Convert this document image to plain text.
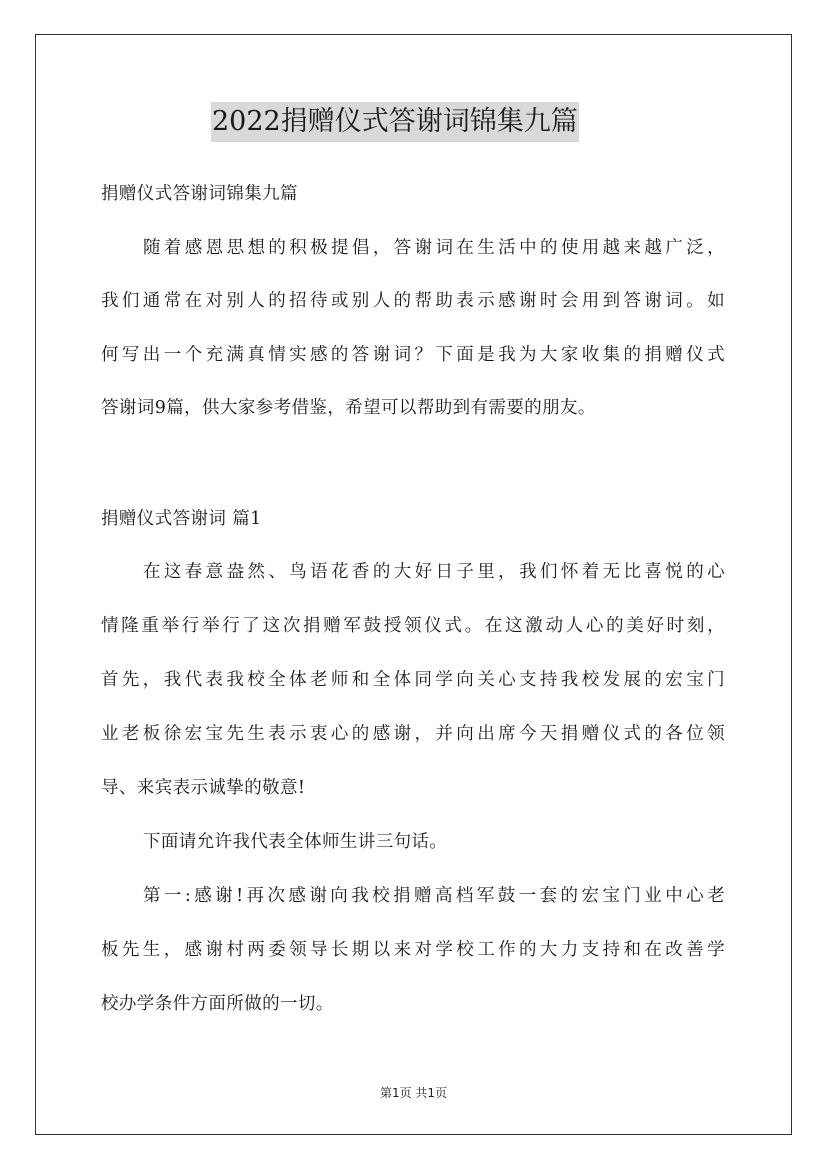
2022捐赠仪式答谢词锦集九篇
捐赠仪式答谢词锦集九篇
随着感恩思想的积极提倡，答谢词在生活中的使用越来越广泛，
我们通常在对别人的招待或别人的帮助表示感谢时会用到答谢词。如
何写出一个充满真情实感的答谢词？下面是我为大家收集的捐赠仪式
答谢词9篇，供大家参考借鉴，希望可以帮助到有需要的朋友。
捐赠仪式答谢词 篇1
在这春意盎然、鸟语花香的大好日子里，我们怀着无比喜悦的心
情隆重举行举行了这次捐赠军鼓授领仪式。在这激动人心的美好时刻，
首先，我代表我校全体老师和全体同学向关心支持我校发展的宏宝门
业老板徐宏宝先生表示衷心的感谢，并向出席今天捐赠仪式的各位领
导、来宾表示诚挚的敬意!
下面请允许我代表全体师生讲三句话。
第一:感谢!再次感谢向我校捐赠高档军鼓一套的宏宝门业中心老
板先生，感谢村两委领导长期以来对学校工作的大力支持和在改善学
校办学条件方面所做的一切。
第1页 共1页
